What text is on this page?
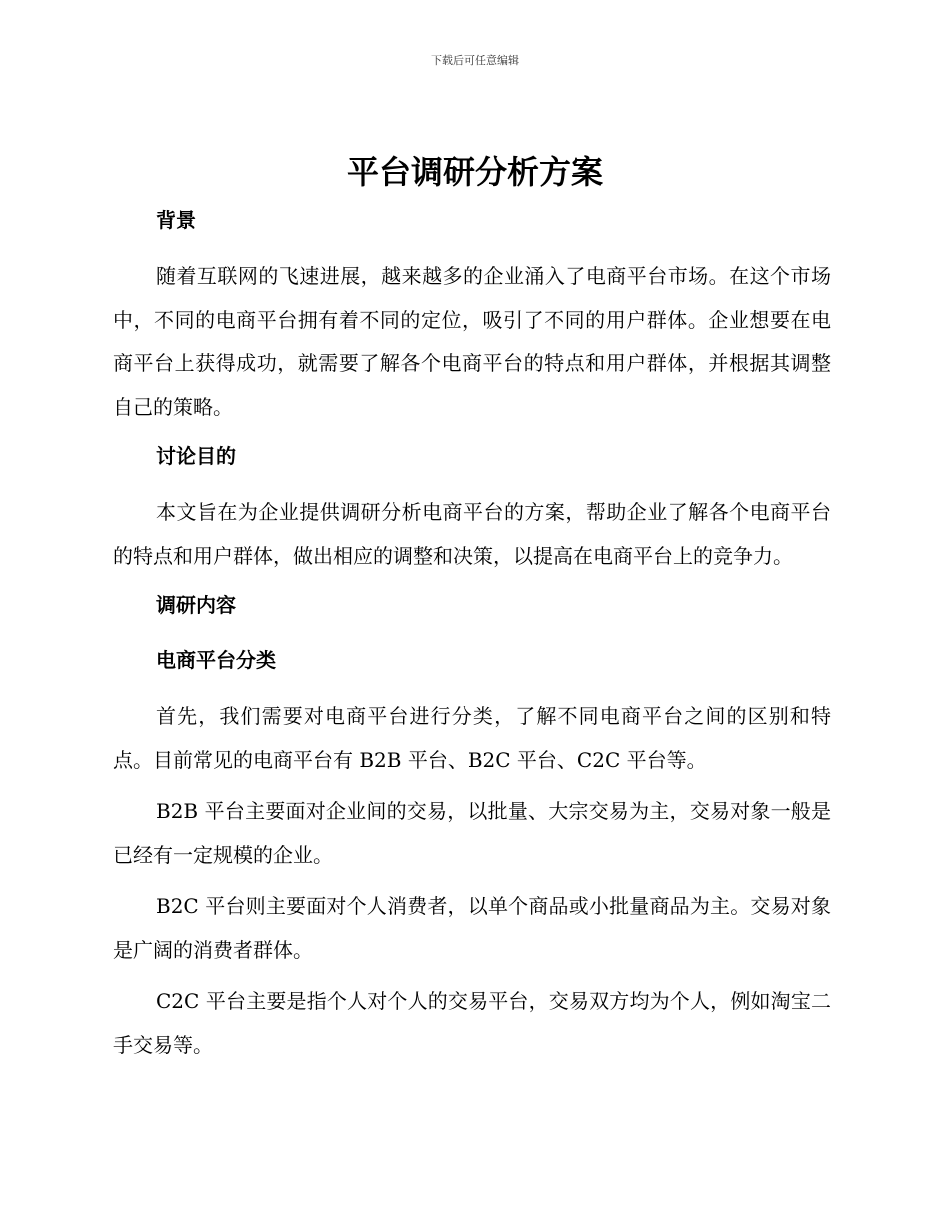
下载后可任意编辑
平台调研分析方案
背景

随着互联网的飞速进展，越来越多的企业涌入了电商平台市场。在这个市场中，不同的电商平台拥有着不同的定位，吸引了不同的用户群体。企业想要在电商平台上获得成功，就需要了解各个电商平台的特点和用户群体，并根据其调整自己的策略。

讨论目的

本文旨在为企业提供调研分析电商平台的方案，帮助企业了解各个电商平台的特点和用户群体，做出相应的调整和决策，以提高在电商平台上的竞争力。

调研内容
电商平台分类

首先，我们需要对电商平台进行分类，了解不同电商平台之间的区别和特点。目前常见的电商平台有 B2B 平台、B2C 平台、C2C 平台等。

B2B 平台主要面对企业间的交易，以批量、大宗交易为主，交易对象一般是已经有一定规模的企业。

B2C 平台则主要面对个人消费者，以单个商品或小批量商品为主。交易对象是广阔的消费者群体。

C2C 平台主要是指个人对个人的交易平台，交易双方均为个人，例如淘宝二手交易等。
